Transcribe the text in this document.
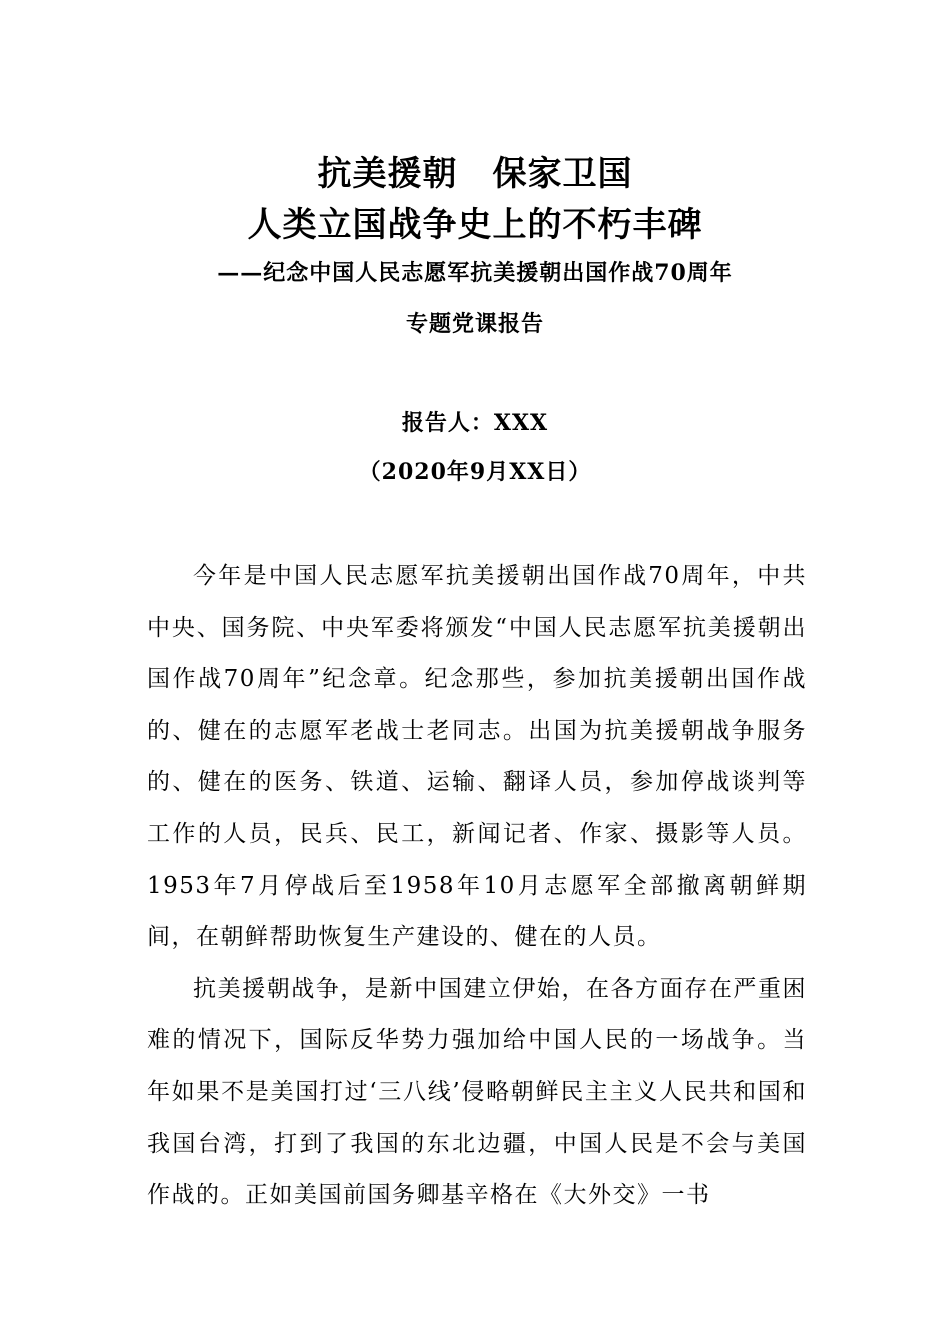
抗美援朝　保家卫国
人类立国战争史上的不朽丰碑
——纪念中国人民志愿军抗美援朝出国作战70周年
专题党课报告
报告人：XXX
（2020年9月XX日）

今年是中国人民志愿军抗美援朝出国作战70周年，中共中央、国务院、中央军委将颁发“中国人民志愿军抗美援朝出国作战70周年”纪念章。纪念那些，参加抗美援朝出国作战的、健在的志愿军老战士老同志。出国为抗美援朝战争服务的、健在的医务、铁道、运输、翻译人员，参加停战谈判等工作的人员，民兵、民工，新闻记者、作家、摄影等人员。1953年7月停战后至1958年10月志愿军全部撤离朝鲜期间，在朝鲜帮助恢复生产建设的、健在的人员。

抗美援朝战争，是新中国建立伊始，在各方面存在严重困难的情况下，国际反华势力强加给中国人民的一场战争。当年如果不是美国打过‘三八线’侵略朝鲜民主主义人民共和国和我国台湾，打到了我国的东北边疆，中国人民是不会与美国作战的。正如美国前国务卿基辛格在《大外交》一书
